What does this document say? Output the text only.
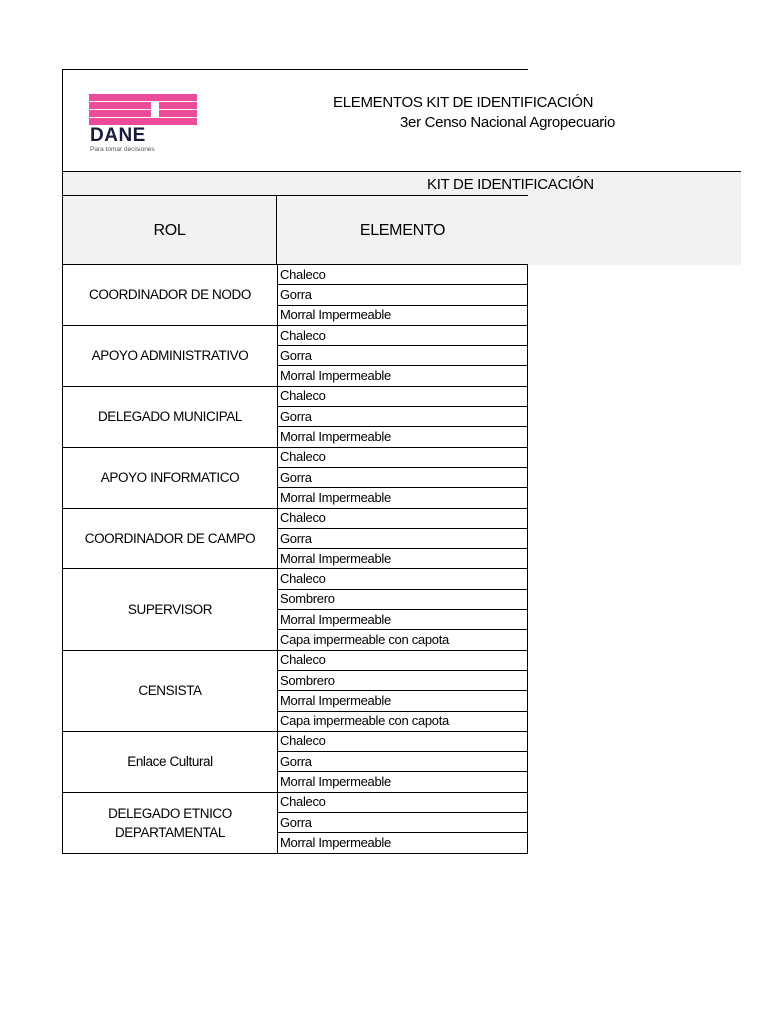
DANE
Para tomar decisiones
ELEMENTOS KIT DE IDENTIFICACIÓN
3er Censo Nacional Agropecuario
KIT DE IDENTIFICACIÓN
ROL	ELEMENTO
COORDINADOR DE NODO	Chaleco
	Gorra
	Morral Impermeable
APOYO ADMINISTRATIVO	Chaleco
	Gorra
	Morral Impermeable
DELEGADO MUNICIPAL	Chaleco
	Gorra
	Morral Impermeable
APOYO INFORMATICO	Chaleco
	Gorra
	Morral Impermeable
COORDINADOR DE CAMPO	Chaleco
	Gorra
	Morral Impermeable
SUPERVISOR	Chaleco
	Sombrero
	Morral Impermeable
	Capa impermeable con capota
CENSISTA	Chaleco
	Sombrero
	Morral Impermeable
	Capa impermeable con capota
Enlace Cultural	Chaleco
	Gorra
	Morral Impermeable
DELEGADO ETNICO DEPARTAMENTAL	Chaleco
	Gorra
	Morral Impermeable
